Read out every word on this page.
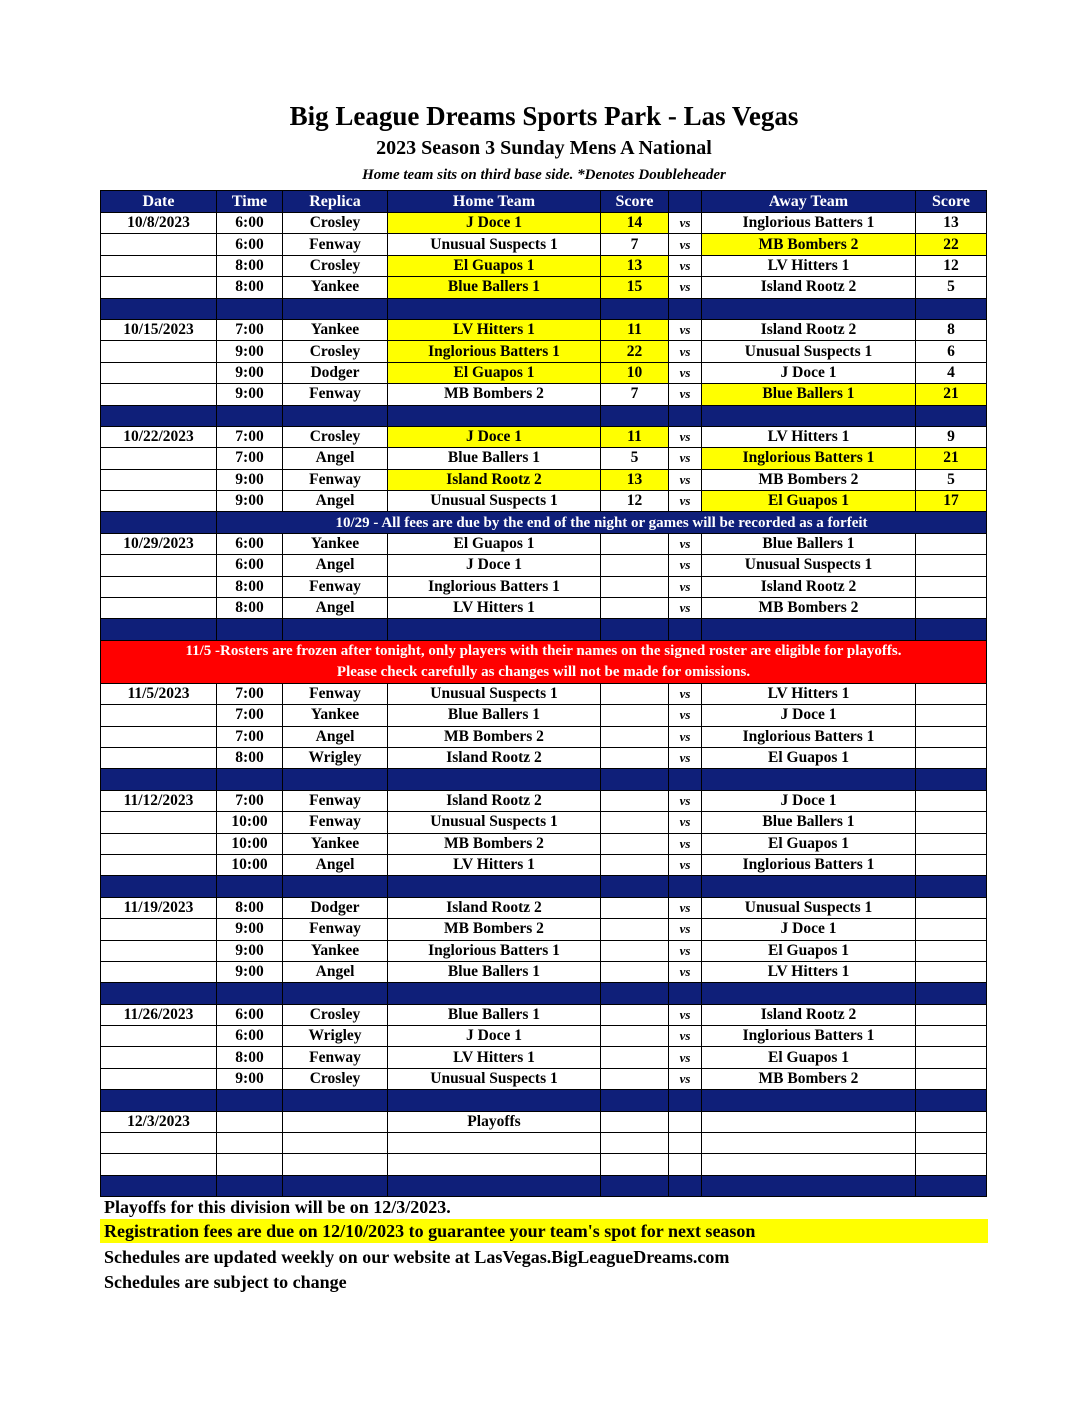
Big League Dreams Sports Park - Las Vegas
2023 Season 3 Sunday Mens A National
Home team sits on third base side. *Denotes Doubleheader
Date	Time	Replica	Home Team	Score		Away Team	Score
10/8/2023	6:00	Crosley	J Doce 1	14	vs	Inglorious Batters 1	13
	6:00	Fenway	Unusual Suspects 1	7	vs	MB Bombers 2	22
	8:00	Crosley	El Guapos 1	13	vs	LV Hitters 1	12
	8:00	Yankee	Blue Ballers 1	15	vs	Island Rootz 2	5

10/15/2023	7:00	Yankee	LV Hitters 1	11	vs	Island Rootz 2	8
	9:00	Crosley	Inglorious Batters 1	22	vs	Unusual Suspects 1	6
	9:00	Dodger	El Guapos 1	10	vs	J Doce 1	4
	9:00	Fenway	MB Bombers 2	7	vs	Blue Ballers 1	21

10/22/2023	7:00	Crosley	J Doce 1	11	vs	LV Hitters 1	9
	7:00	Angel	Blue Ballers 1	5	vs	Inglorious Batters 1	21
	9:00	Fenway	Island Rootz 2	13	vs	MB Bombers 2	5
	9:00	Angel	Unusual Suspects 1	12	vs	El Guapos 1	17
	10/29 - All fees are due by the end of the night or games will be recorded as a forfeit						
10/29/2023	6:00	Yankee	El Guapos 1		vs	Blue Ballers 1	
	6:00	Angel	J Doce 1		vs	Unusual Suspects 1	
	8:00	Fenway	Inglorious Batters 1		vs	Island Rootz 2	
	8:00	Angel	LV Hitters 1		vs	MB Bombers 2	

11/5 -Rosters are frozen after tonight, only players with their names on the signed roster are eligible for playoffs.
Please check carefully as changes will not be made for omissions.							

11/5/2023	7:00	Fenway	Unusual Suspects 1		vs	LV Hitters 1	
	7:00	Yankee	Blue Ballers 1		vs	J Doce 1	
	7:00	Angel	MB Bombers 2		vs	Inglorious Batters 1	
	8:00	Wrigley	Island Rootz 2		vs	El Guapos 1	

11/12/2023	7:00	Fenway	Island Rootz 2		vs	J Doce 1	
	10:00	Fenway	Unusual Suspects 1		vs	Blue Ballers 1	
	10:00	Yankee	MB Bombers 2		vs	El Guapos 1	
	10:00	Angel	LV Hitters 1		vs	Inglorious Batters 1	

11/19/2023	8:00	Dodger	Island Rootz 2		vs	Unusual Suspects 1	
	9:00	Fenway	MB Bombers 2		vs	J Doce 1	
	9:00	Yankee	Inglorious Batters 1		vs	El Guapos 1	
	9:00	Angel	Blue Ballers 1		vs	LV Hitters 1	

11/26/2023	6:00	Crosley	Blue Ballers 1		vs	Island Rootz 2	
	6:00	Wrigley	J Doce 1		vs	Inglorious Batters 1	
	8:00	Fenway	LV Hitters 1		vs	El Guapos 1	
	9:00	Crosley	Unusual Suspects 1		vs	MB Bombers 2	

12/3/2023			Playoffs				

Playoffs for this division will be on 12/3/2023.
Registration fees are due on 12/10/2023 to guarantee your team's spot for next season
Schedules are updated weekly on our website at LasVegas.BigLeagueDreams.com
Schedules are subject to change
